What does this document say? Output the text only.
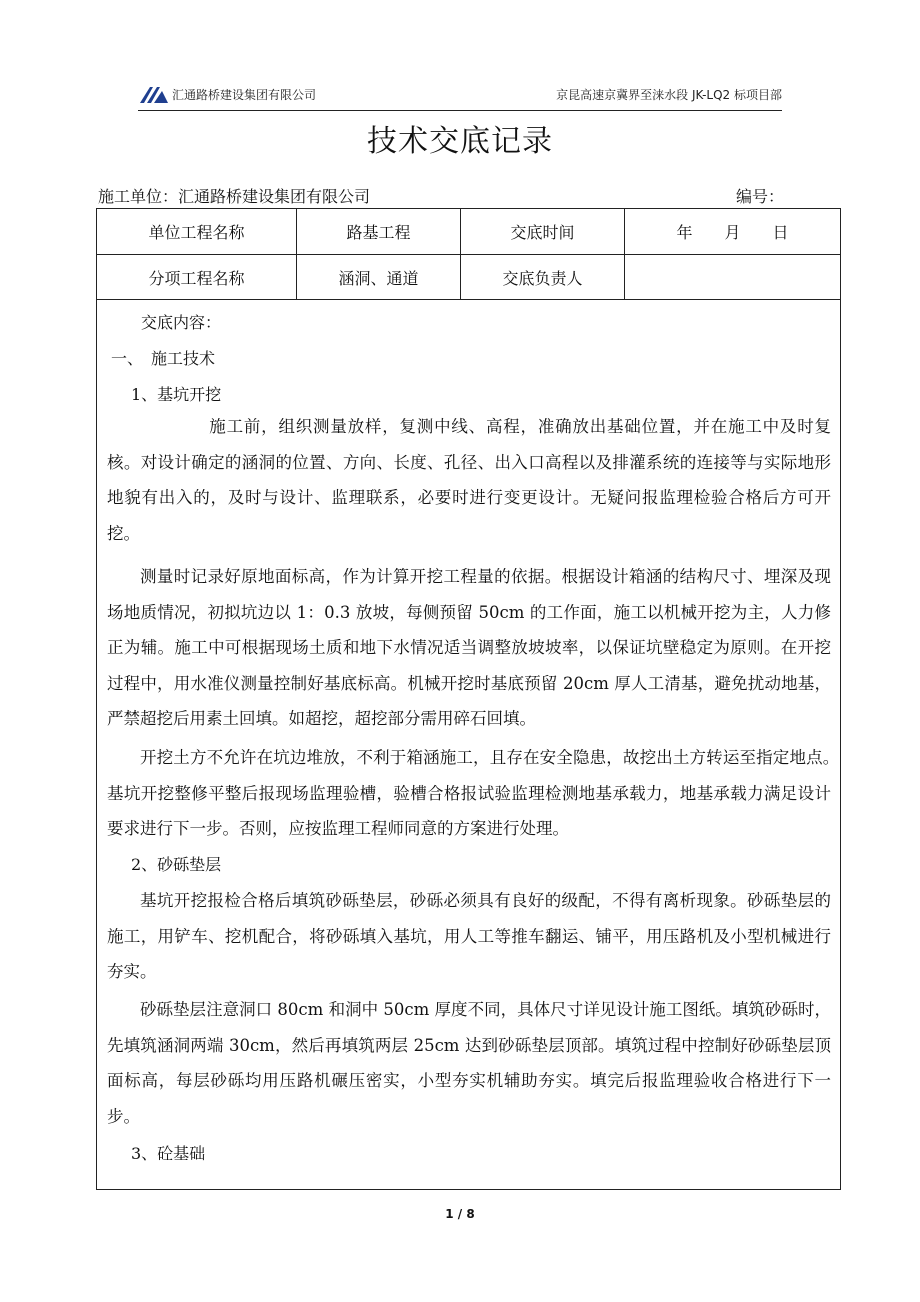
汇通路桥建设集团有限公司	京昆高速京冀界至涞水段 JK-LQ2 标项目部
技术交底记录
施工单位：汇通路桥建设集团有限公司	编号：
单位工程名称	路基工程	交底时间	年　　月　　日
分项工程名称	涵洞、通道	交底负责人
交底内容：
一、　施工技术
1、基坑开挖

施工前，组织测量放样，复测中线、高程，准确放出基础位置，并在施工中及时复核。对设计确定的涵洞的位置、方向、长度、孔径、出入口高程以及排灌系统的连接等与实际地形地貌有出入的，及时与设计、监理联系，必要时进行变更设计。无疑问报监理检验合格后方可开挖。

测量时记录好原地面标高，作为计算开挖工程量的依据。根据设计箱涵的结构尺寸、埋深及现场地质情况，初拟坑边以 1：0.3 放坡，每侧预留 50cm 的工作面，施工以机械开挖为主，人力修正为辅。施工中可根据现场土质和地下水情况适当调整放坡坡率，以保证坑壁稳定为原则。在开挖过程中，用水准仪测量控制好基底标高。机械开挖时基底预留 20cm 厚人工清基，避免扰动地基，严禁超挖后用素土回填。如超挖，超挖部分需用碎石回填。

开挖土方不允许在坑边堆放，不利于箱涵施工，且存在安全隐患，故挖出土方转运至指定地点。　基坑开挖整修平整后报现场监理验槽，验槽合格报试验监理检测地基承载力，地基承载力满足设计要求进行下一步。否则，应按监理工程师同意的方案进行处理。

2、砂砾垫层

基坑开挖报检合格后填筑砂砾垫层，砂砾必须具有良好的级配，不得有离析现象。砂砾垫层的施工，用铲车、挖机配合，将砂砾填入基坑，用人工等推车翻运、铺平，用压路机及小型机械进行夯实。

砂砾垫层注意洞口 80cm 和洞中 50cm 厚度不同，具体尺寸详见设计施工图纸。填筑砂砾时，先填筑涵洞两端 30cm，然后再填筑两层 25cm 达到砂砾垫层顶部。填筑过程中控制好砂砾垫层顶面标高，每层砂砾均用压路机碾压密实，小型夯实机辅助夯实。填完后报监理验收合格进行下一步。

3、砼基础
1 / 8
